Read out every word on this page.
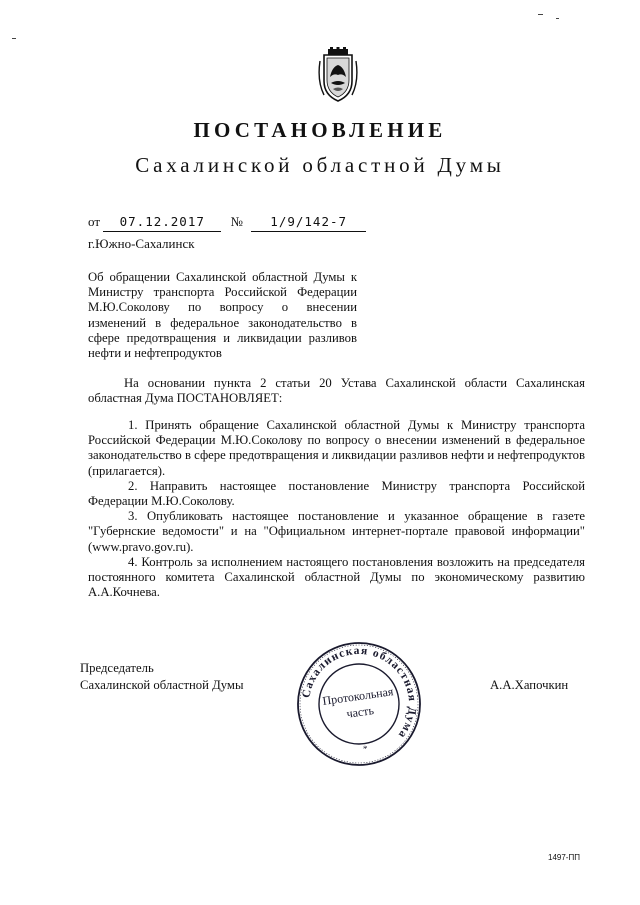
ПОСТАНОВЛЕНИЕ
Сахалинской областной Думы
от 07.12.2017 № 1/9/142-7
г.Южно-Сахалинск
Об обращении Сахалинской областной Думы к Министру транспорта Российской Федерации М.Ю.Соколову по вопросу о внесении изменений в федеральное законодательство в сфере предотвращения и ликвидации разливов нефти и нефтепродуктов
На основании пункта 2 статьи 20 Устава Сахалинской области Сахалинская областная Дума ПОСТАНОВЛЯЕТ:

1. Принять обращение Сахалинской областной Думы к Министру транспорта Российской Федерации М.Ю.Соколову по вопросу о внесении изменений в федеральное законодательство в сфере предотвращения и ликвидации разливов нефти и нефтепродуктов (прилагается).

2. Направить настоящее постановление Министру транспорта Российской Федерации М.Ю.Соколову.

3. Опубликовать настоящее постановление и указанное обращение в газете "Губернские ведомости" и на "Официальном интернет-портале правовой информации" (www.pravo.gov.ru).

4. Контроль за исполнением настоящего постановления возложить на председателя постоянного комитета Сахалинской областной Думы по экономическому развитию А.А.Кочнева.

Председатель
Сахалинской областной Думы	А.А.Хапочкин
Сахалинская областная Дума
Протокольная
часть
*
1497-ПП
